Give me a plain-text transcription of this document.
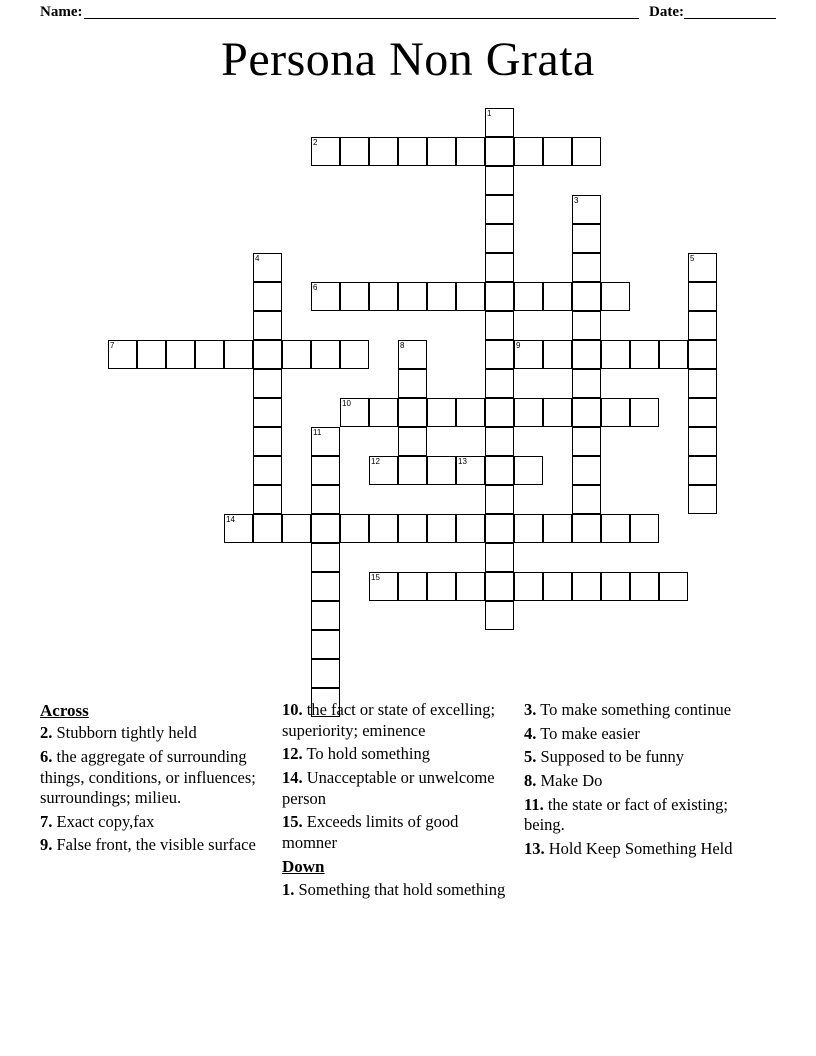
Name:	Date:
Persona Non Grata
1
2
3
4	5
6
7	8	9
10
11
12	13
14
15
Across
2. Stubborn tightly held
6. the aggregate of surrounding things, conditions, or influences; surroundings; milieu.
7. Exact copy,fax
9. False front, the visible surface
10. the fact or state of excelling; superiority; eminence
12. To hold something
14. Unacceptable or unwelcome person
15. Exceeds limits of good momner
Down
1. Something that hold something
3. To make something continue
4. To make easier
5. Supposed to be funny
8. Make Do
11. the state or fact of existing; being.
13. Hold Keep Something Held
